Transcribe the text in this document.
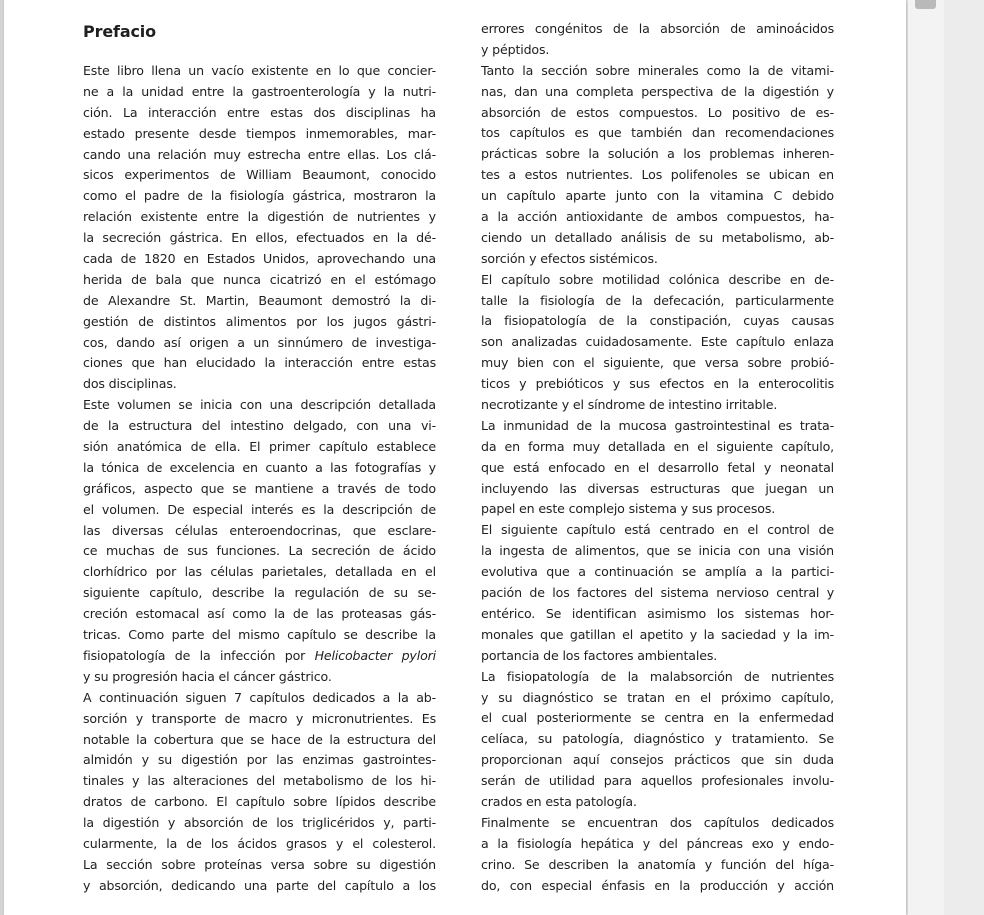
Prefacio
Este libro llena un vacío existente en lo que concier-
ne a la unidad entre la gastroenterología y la nutri-
ción. La interacción entre estas dos disciplinas ha
estado presente desde tiempos inmemorables, mar-
cando una relación muy estrecha entre ellas. Los clá-
sicos experimentos de William Beaumont, conocido
como el padre de la fisiología gástrica, mostraron la
relación existente entre la digestión de nutrientes y
la secreción gástrica. En ellos, efectuados en la dé-
cada de 1820 en Estados Unidos, aprovechando una
herida de bala que nunca cicatrizó en el estómago
de Alexandre St. Martin, Beaumont demostró la di-
gestión de distintos alimentos por los jugos gástri-
cos, dando así origen a un sinnúmero de investiga-
ciones que han elucidado la interacción entre estas
dos disciplinas.
Este volumen se inicia con una descripción detallada
de la estructura del intestino delgado, con una vi-
sión anatómica de ella. El primer capítulo establece
la tónica de excelencia en cuanto a las fotografías y
gráficos, aspecto que se mantiene a través de todo
el volumen. De especial interés es la descripción de
las diversas células enteroendocrinas, que esclare-
ce muchas de sus funciones. La secreción de ácido
clorhídrico por las células parietales, detallada en el
siguiente capítulo, describe la regulación de su se-
creción estomacal así como la de las proteasas gás-
tricas. Como parte del mismo capítulo se describe la
fisiopatología de la infección por Helicobacter pylori
y su progresión hacia el cáncer gástrico.
A continuación siguen 7 capítulos dedicados a la ab-
sorción y transporte de macro y micronutrientes. Es
notable la cobertura que se hace de la estructura del
almidón y su digestión por las enzimas gastrointes-
tinales y las alteraciones del metabolismo de los hi-
dratos de carbono. El capítulo sobre lípidos describe
la digestión y absorción de los triglicéridos y, parti-
cularmente, la de los ácidos grasos y el colesterol.
La sección sobre proteínas versa sobre su digestión
y absorción, dedicando una parte del capítulo a los
errores congénitos de la absorción de aminoácidos
y péptidos.
Tanto la sección sobre minerales como la de vitami-
nas, dan una completa perspectiva de la digestión y
absorción de estos compuestos. Lo positivo de es-
tos capítulos es que también dan recomendaciones
prácticas sobre la solución a los problemas inheren-
tes a estos nutrientes. Los polifenoles se ubican en
un capítulo aparte junto con la vitamina C debido
a la acción antioxidante de ambos compuestos, ha-
ciendo un detallado análisis de su metabolismo, ab-
sorción y efectos sistémicos.
El capítulo sobre motilidad colónica describe en de-
talle la fisiología de la defecación, particularmente
la fisiopatología de la constipación, cuyas causas
son analizadas cuidadosamente. Este capítulo enlaza
muy bien con el siguiente, que versa sobre probió-
ticos y prebióticos y sus efectos en la enterocolitis
necrotizante y el síndrome de intestino irritable.
La inmunidad de la mucosa gastrointestinal es trata-
da en forma muy detallada en el siguiente capítulo,
que está enfocado en el desarrollo fetal y neonatal
incluyendo las diversas estructuras que juegan un
papel en este complejo sistema y sus procesos.
El siguiente capítulo está centrado en el control de
la ingesta de alimentos, que se inicia con una visión
evolutiva que a continuación se amplía a la partici-
pación de los factores del sistema nervioso central y
entérico. Se identifican asimismo los sistemas hor-
monales que gatillan el apetito y la saciedad y la im-
portancia de los factores ambientales.
La fisiopatología de la malabsorción de nutrientes
y su diagnóstico se tratan en el próximo capítulo,
el cual posteriormente se centra en la enfermedad
celíaca, su patología, diagnóstico y tratamiento. Se
proporcionan aquí consejos prácticos que sin duda
serán de utilidad para aquellos profesionales involu-
crados en esta patología.
Finalmente se encuentran dos capítulos dedicados
a la fisiología hepática y del páncreas exo y endo-
crino. Se describen la anatomía y función del híga-
do, con especial énfasis en la producción y acción
